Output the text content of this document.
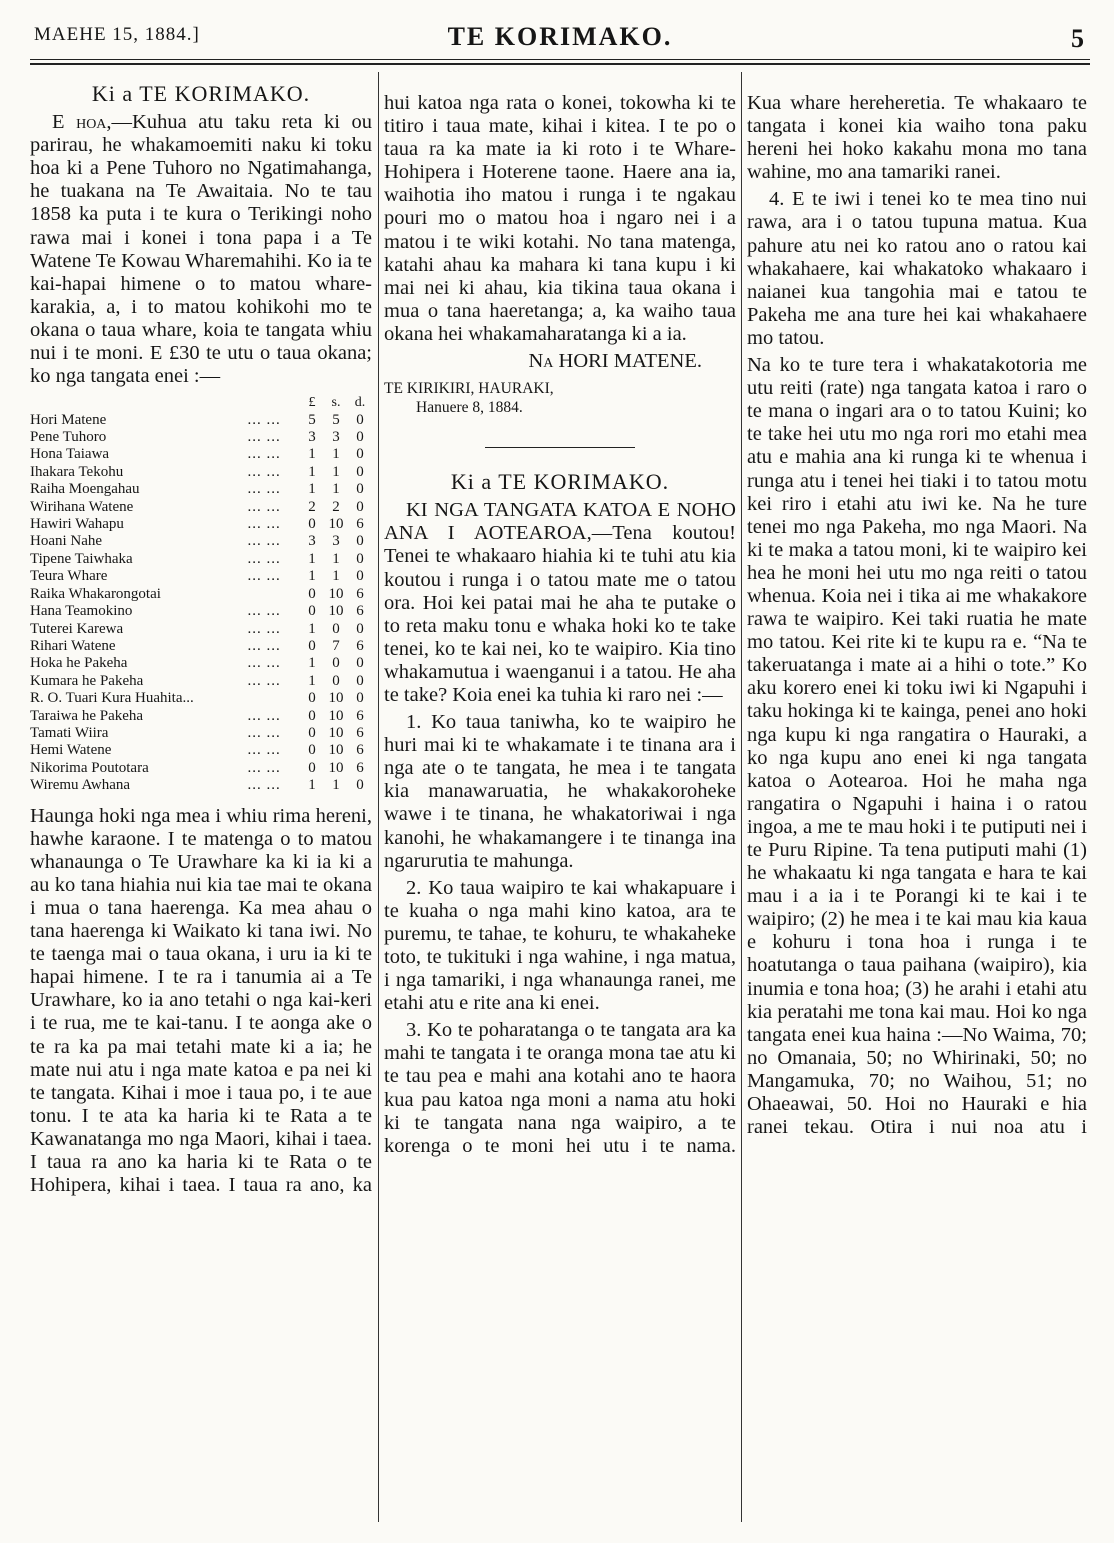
MAEHE 15, 1884.]	TE KORIMAKO.	5
Ki a TE KORIMAKO.

E hoa,—Kuhua atu taku reta ki ou parirau, he whakamoemiti naku ki toku hoa ki a Pene Tuhoro no Ngatimahanga, he tuakana na Te Awaitaia. No te tau 1858 ka puta i te kura o Terikingi noho rawa mai i konei i tona papa i a Te Watene Te Kowau Wharemahihi. Ko ia te kai-hapai himene o to matou whare-karakia, a, i to matou kohikohi mo te okana o taua whare, koia te tangata whiu nui i te moni. E £30 te utu o taua okana; ko nga tangata enei :—

		£	s.	d.
Hori Matene	... ...	5	5	0
Pene Tuhoro	... ...	3	3	0
Hona Taiawa	... ...	1	1	0
Ihakara Tekohu	... ...	1	1	0
Raiha Moengahau	... ...	1	1	0
Wirihana Watene	... ...	2	2	0
Hawiri Wahapu	... ...	0	10	6
Hoani Nahe	... ...	3	3	0
Tipene Taiwhaka	... ...	1	1	0
Teura Whare	... ...	1	1	0
Raika Whakarongotai		0	10	6
Hana Teamokino	... ...	0	10	6
Tuterei Karewa	... ...	1	0	0
Rihari Watene	... ...	0	7	6
Hoka he Pakeha	... ...	1	0	0
Kumara he Pakeha	... ...	1	0	0
R. O. Tuari Kura Huahita...		0	10	0
Taraiwa he Pakeha	... ...	0	10	6
Tamati Wiira	... ...	0	10	6
Hemi Watene	... ...	0	10	6
Nikorima Poutotara	... ...	0	10	6
Wiremu Awhana	... ...	1	1	0

Haunga hoki nga mea i whiu rima hereni, hawhe karaone. I te matenga o to matou whanaunga o Te Urawhare ka ki ia ki a au ko tana hiahia nui kia tae mai te okana i mua o tana haerenga. Ka mea ahau o tana haerenga ki Waikato ki tana iwi. No te taenga mai o taua okana, i uru ia ki te hapai himene. I te ra i tanumia ai a Te Urawhare, ko ia ano tetahi o nga kai-keri i te rua, me te kai-tanu. I te aonga ake o te ra ka pa mai tetahi mate ki a ia; he mate nui atu i nga mate katoa e pa nei ki te tangata. Kihai i moe i taua po, i te aue tonu. I te ata ka haria ki te Rata a te Kawanatanga mo nga Maori, kihai i taea. I taua ra ano ka haria ki te Rata o te Hohipera, kihai i taea. I taua ra ano, ka

hui katoa nga rata o konei, tokowha ki te titiro i taua mate, kihai i kitea. I te po o taua ra ka mate ia ki roto i te Whare-Hohipera i Hoterene taone. Haere ana ia, waihotia iho matou i runga i te ngakau pouri mo o matou hoa i ngaro nei i a matou i te wiki kotahi. No tana matenga, katahi ahau ka mahara ki tana kupu i ki mai nei ki ahau, kia tikina taua okana i mua o tana haeretanga; a, ka waiho taua okana hei whakamaharatanga ki a ia.

Na HORI MATENE.
TE KIRIKIRI, HAURAKI,
Hanuere 8, 1884.
Ki a TE KORIMAKO.

KI NGA TANGATA KATOA E NOHO ANA I AOTEAROA,—Tena koutou! Tenei te whakaaro hiahia ki te tuhi atu kia koutou i runga i o tatou mate me o tatou ora. Hoi kei patai mai he aha te putake o to reta maku tonu e whaka hoki ko te take tenei, ko te kai nei, ko te waipiro. Kia tino whakamutua i waenganui i a tatou. He aha te take? Koia enei ka tuhia ki raro nei :—

1. Ko taua taniwha, ko te waipiro he huri mai ki te whakamate i te tinana ara i nga ate o te tangata, he mea i te tangata kia manawaruatia, he whakakoroheke wawe i te tinana, he whakatoriwai i nga kanohi, he whakamangere i te tinanga ina ngarurutia te mahunga.

2. Ko taua waipiro te kai whakapuare i te kuaha o nga mahi kino katoa, ara te puremu, te tahae, te kohuru, te whakaheke toto, te tukituki i nga wahine, i nga matua, i nga tamariki, i nga whanaunga ranei, me etahi atu e rite ana ki enei.

3. Ko te poharatanga o te tangata ara ka mahi te tangata i te oranga mona tae atu ki te tau pea e mahi ana kotahi ano te haora kua pau katoa nga moni a nama atu hoki ki te tangata nana nga waipiro, a te korenga o te moni hei utu i te nama.

Kua whare hereheretia. Te whakaaro te tangata i konei kia waiho tona paku hereni hei hoko kakahu mona mo tana wahine, mo ana tamariki ranei.

4. E te iwi i tenei ko te mea tino nui rawa, ara i o tatou tupuna matua. Kua pahure atu nei ko ratou ano o ratou kai whakahaere, kai whakatoko whakaaro i naianei kua tangohia mai e tatou te Pakeha me ana ture hei kai whakahaere mo tatou.

Na ko te ture tera i whakatakotoria me utu reiti (rate) nga tangata katoa i raro o te mana o ingari ara o to tatou Kuini; ko te take hei utu mo nga rori mo etahi mea atu e mahia ana ki runga ki te whenua i runga atu i tenei hei tiaki i to tatou motu kei riro i etahi atu iwi ke. Na he ture tenei mo nga Pakeha, mo nga Maori. Na ki te maka a tatou moni, ki te waipiro kei hea he moni hei utu mo nga reiti o tatou whenua. Koia nei i tika ai me whakakore rawa te waipiro. Kei taki ruatia he mate mo tatou. Kei rite ki te kupu ra e. “Na te takeruatanga i mate ai a hihi o tote.” Ko aku korero enei ki toku iwi ki Ngapuhi i taku hokinga ki te kainga, penei ano hoki nga kupu ki nga rangatira o Hauraki, a ko nga kupu ano enei ki nga tangata katoa o Aotearoa. Hoi he maha nga rangatira o Ngapuhi i haina i o ratou ingoa, a me te mau hoki i te putiputi nei i te Puru Ripine. Ta tena putiputi mahi (1) he whakaatu ki nga tangata e hara te kai mau i a ia i te Porangi ki te kai i te waipiro; (2) he mea i te kai mau kia kaua e kohuru i tona hoa i runga i te hoatutanga o taua paihana (waipiro), kia inumia e tona hoa; (3) he arahi i etahi atu kia peratahi me tona kai mau. Hoi ko nga tangata enei kua haina :—No Waima, 70; no Omanaia, 50; no Whirinaki, 50; no Mangamuka, 70; no Waihou, 51; no Ohaeawai, 50. Hoi no Hauraki e hia ranei tekau. Otira i nui noa atu i
